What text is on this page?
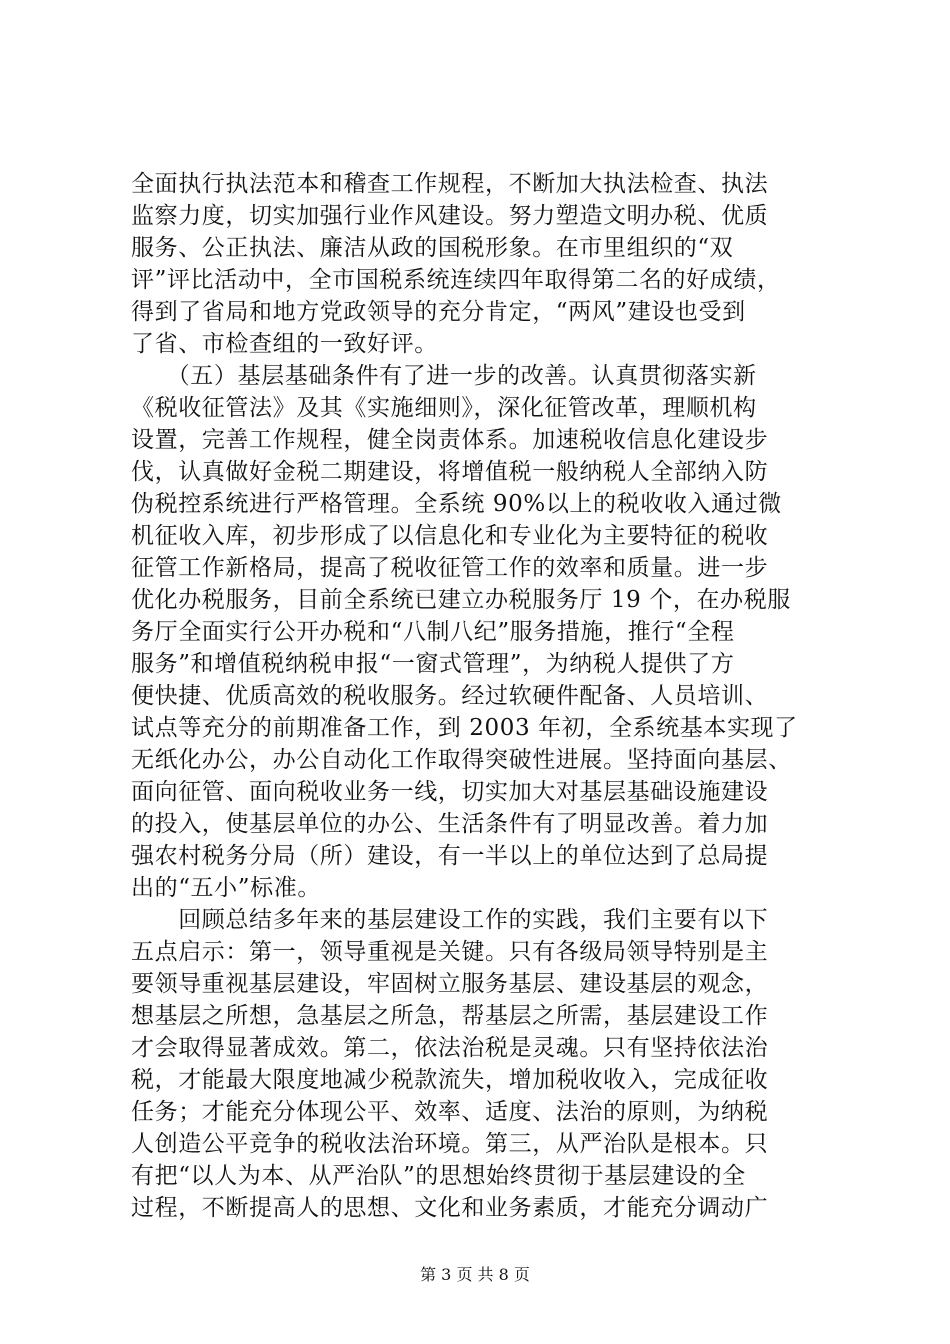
全面执行执法范本和稽查工作规程，不断加大执法检查、执法
监察力度，切实加强行业作风建设。努力塑造文明办税、优质
服务、公正执法、廉洁从政的国税形象。在市里组织的“双
评”评比活动中，全市国税系统连续四年取得第二名的好成绩，
得到了省局和地方党政领导的充分肯定，“两风”建设也受到
了省、市检查组的一致好评。
　　（五）基层基础条件有了进一步的改善。认真贯彻落实新
《税收征管法》及其《实施细则》，深化征管改革，理顺机构
设置，完善工作规程，健全岗责体系。加速税收信息化建设步
伐，认真做好金税二期建设，将增值税一般纳税人全部纳入防
伪税控系统进行严格管理。全系统 90%以上的税收收入通过微
机征收入库，初步形成了以信息化和专业化为主要特征的税收
征管工作新格局，提高了税收征管工作的效率和质量。进一步
优化办税服务，目前全系统已建立办税服务厅 19 个，在办税服
务厅全面实行公开办税和“八制八纪”服务措施，推行“全程
服务”和增值税纳税申报“一窗式管理”，为纳税人提供了方
便快捷、优质高效的税收服务。经过软硬件配备、人员培训、
试点等充分的前期准备工作，到 2003 年初，全系统基本实现了
无纸化办公，办公自动化工作取得突破性进展。坚持面向基层、
面向征管、面向税收业务一线，切实加大对基层基础设施建设
的投入，使基层单位的办公、生活条件有了明显改善。着力加
强农村税务分局（所）建设，有一半以上的单位达到了总局提
出的“五小”标准。
　　回顾总结多年来的基层建设工作的实践，我们主要有以下
五点启示：第一，领导重视是关键。只有各级局领导特别是主
要领导重视基层建设，牢固树立服务基层、建设基层的观念，
想基层之所想，急基层之所急，帮基层之所需，基层建设工作
才会取得显著成效。第二，依法治税是灵魂。只有坚持依法治
税，才能最大限度地减少税款流失，增加税收收入，完成征收
任务；才能充分体现公平、效率、适度、法治的原则，为纳税
人创造公平竞争的税收法治环境。第三，从严治队是根本。只
有把“以人为本、从严治队”的思想始终贯彻于基层建设的全
过程，不断提高人的思想、文化和业务素质，才能充分调动广
第 3 页 共 8 页
